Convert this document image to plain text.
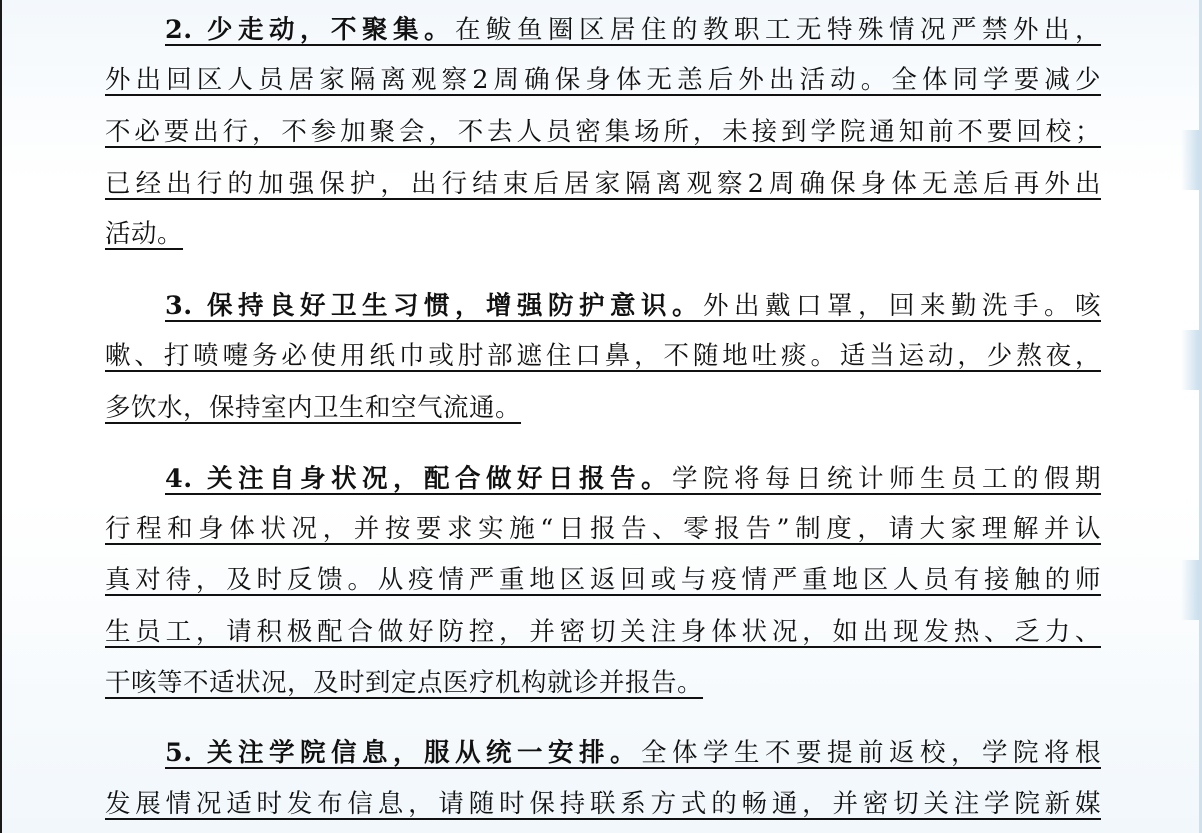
2. 少走动，不聚集。在鲅鱼圈区居住的教职工无特殊情况严禁外出，
外出回区人员居家隔离观察2周确保身体无恙后外出活动。全体同学要减少
不必要出行，不参加聚会，不去人员密集场所，未接到学院通知前不要回校；
已经出行的加强保护，出行结束后居家隔离观察2周确保身体无恙后再外出
活动。
3. 保持良好卫生习惯，增强防护意识。外出戴口罩，回来勤洗手。咳
嗽、打喷嚏务必使用纸巾或肘部遮住口鼻，不随地吐痰。适当运动，少熬夜，
多饮水，保持室内卫生和空气流通。
4. 关注自身状况，配合做好日报告。学院将每日统计师生员工的假期
行程和身体状况，并按要求实施“日报告、零报告”制度，请大家理解并认
真对待，及时反馈。从疫情严重地区返回或与疫情严重地区人员有接触的师
生员工，请积极配合做好防控，并密切关注身体状况，如出现发热、乏力、
干咳等不适状况，及时到定点医疗机构就诊并报告。
5. 关注学院信息，服从统一安排。全体学生不要提前返校，学院将根
发展情况适时发布信息，请随时保持联系方式的畅通，并密切关注学院新媒
